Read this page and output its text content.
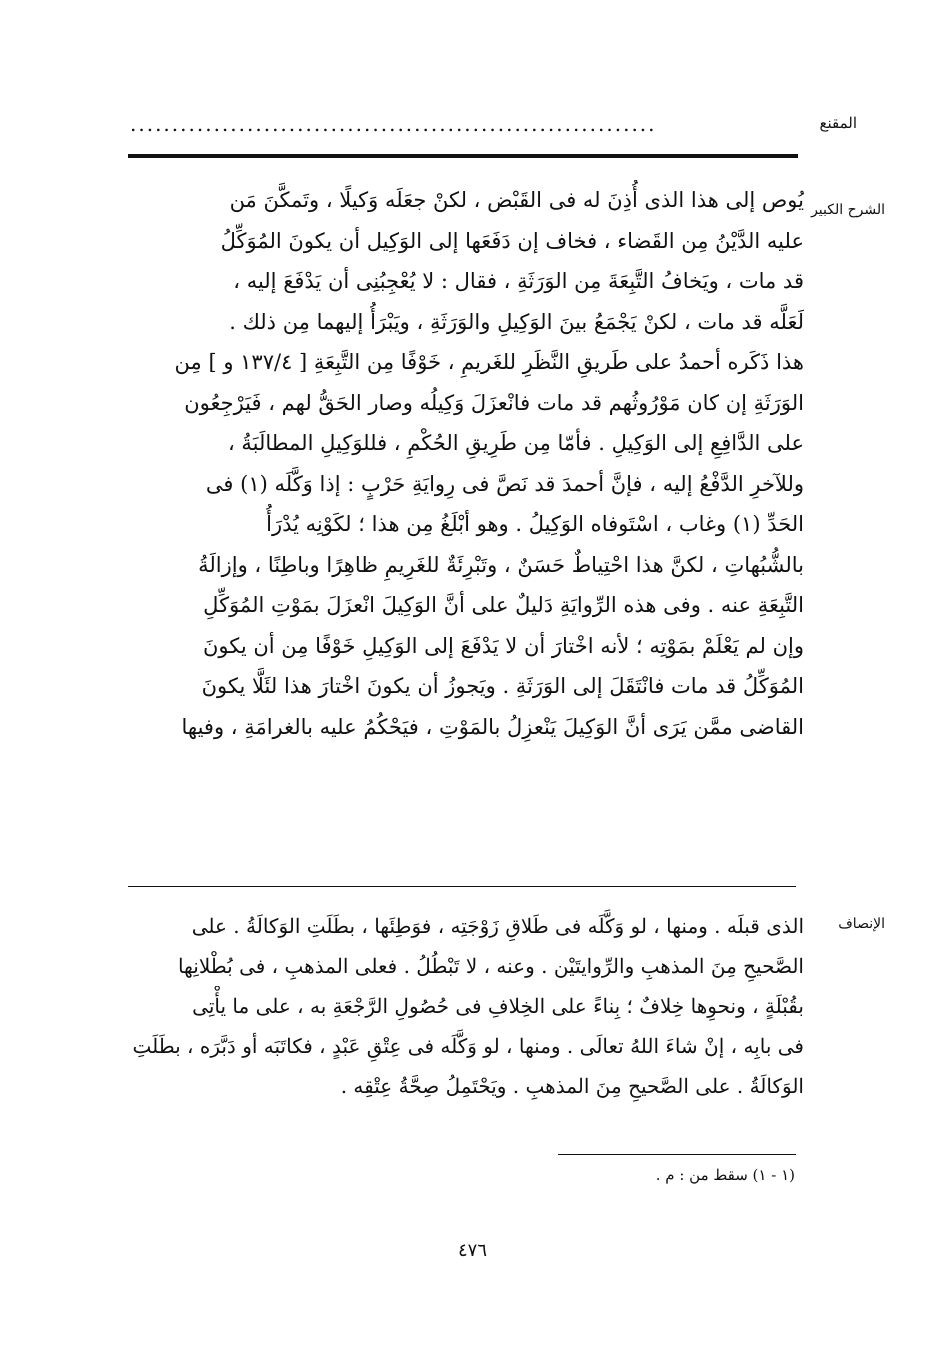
المقنع
...............................................................
الشرح الكبير
يُوص إلى هذا الذى أُذِنَ له فى القَبْض ، لكنْ جعَلَه وَكيلًا ، وتَمكَّنَ مَن
عليه الدَّيْنُ مِن القَضاء ، فخاف إن دَفَعَها إلى الوَكِيل أن يكونَ المُوَكِّلُ
قد مات ، ويَخافُ التَّبِعَةَ مِن الوَرَثَةِ ، فقال : لا يُعْجِبُنِى أن يَدْفَعَ إليه ،
لَعَلَّه قد مات ، لكنْ يَجْمَعُ بينَ الوَكِيلِ والوَرَثَةِ ، ويَبْرَأُ إليهما مِن ذلك .
هذا ذَكَره أحمدُ على طَريقِ النَّظَرِ للغَريمِ ، خَوْفًا مِن التَّبِعَةِ [ ١٣٧/٤ و ] مِن
الوَرَثَةِ إن كان مَوْرُوثُهم قد مات فانْعزَلَ وَكِيلُه وصار الحَقُّ لهم ، فَيَرْجِعُون
على الدَّافِعِ إلى الوَكِيلِ . فأمّا مِن طَرِيقِ الحُكْمِ ، فللوَكِيلِ المطالَبَةُ ،
وللآخرِ الدَّفْعُ إليه ، فإنَّ أحمدَ قد نَصَّ فى رِوايَةِ حَرْبٍ : إذا وَكَّلَه (١) فى
الحَدِّ (١) وغاب ، اسْتَوفاه الوَكِيلُ . وهو أبْلَغُ مِن هذا ؛ لكَوْنِه يُدْرَأُ
بالشُّبُهاتِ ، لكنَّ هذا احْتِياطٌ حَسَنٌ ، وتَبْرِئَةٌ للغَرِيمِ ظاهِرًا وباطِنًا ، وإزالَةُ
التَّبِعَةِ عنه . وفى هذه الرِّوايَةِ دَليلٌ على أنَّ الوَكِيلَ انْعزَلَ بمَوْتِ المُوَكِّلِ
وإن لم يَعْلَمْ بمَوْتِه ؛ لأنه اخْتارَ أن لا يَدْفَعَ إلى الوَكِيلِ خَوْفًا مِن أن يكونَ
المُوَكِّلُ قد مات فانْتَقَلَ إلى الوَرَثَةِ . ويَجوزُ أن يكونَ اخْتارَ هذا لئَلَّا يكونَ
القاضى ممَّن يَرَى أنَّ الوَكِيلَ يَنْعزِلُ بالمَوْتِ ، فيَحْكُمُ عليه بالغرامَةِ ، وفيها
الإنصاف
الذى قبلَه . ومنها ، لو وَكَّلَه فى طَلاقِ زَوْجَتِه ، فوَطِئَها ، بطَلَتِ الوَكالَةُ . على
الصَّحيحِ مِنَ المذهبِ والرِّوايتَيْن . وعنه ، لا تَبْطُلُ . فعلى المذهبِ ، فى بُطْلانِها
بقُبْلَةٍ ، ونحوِها خِلافٌ ؛ بِناءً على الخِلافِ فى حُصُولِ الرَّجْعَةِ به ، على ما يأْتِى
فى بابِه ، إنْ شاءَ اللهُ تعالَى . ومنها ، لو وَكَّلَه فى عِتْقِ عَبْدٍ ، فكاتَبَه أو دَبَّرَه ، بطَلَتِ
الوَكالَةُ . على الصَّحيحِ مِنَ المذهبِ . ويَحْتَمِلُ صِحَّةُ عِتْقِه .
(١ - ١) سقط من : م .
٤٧٦
